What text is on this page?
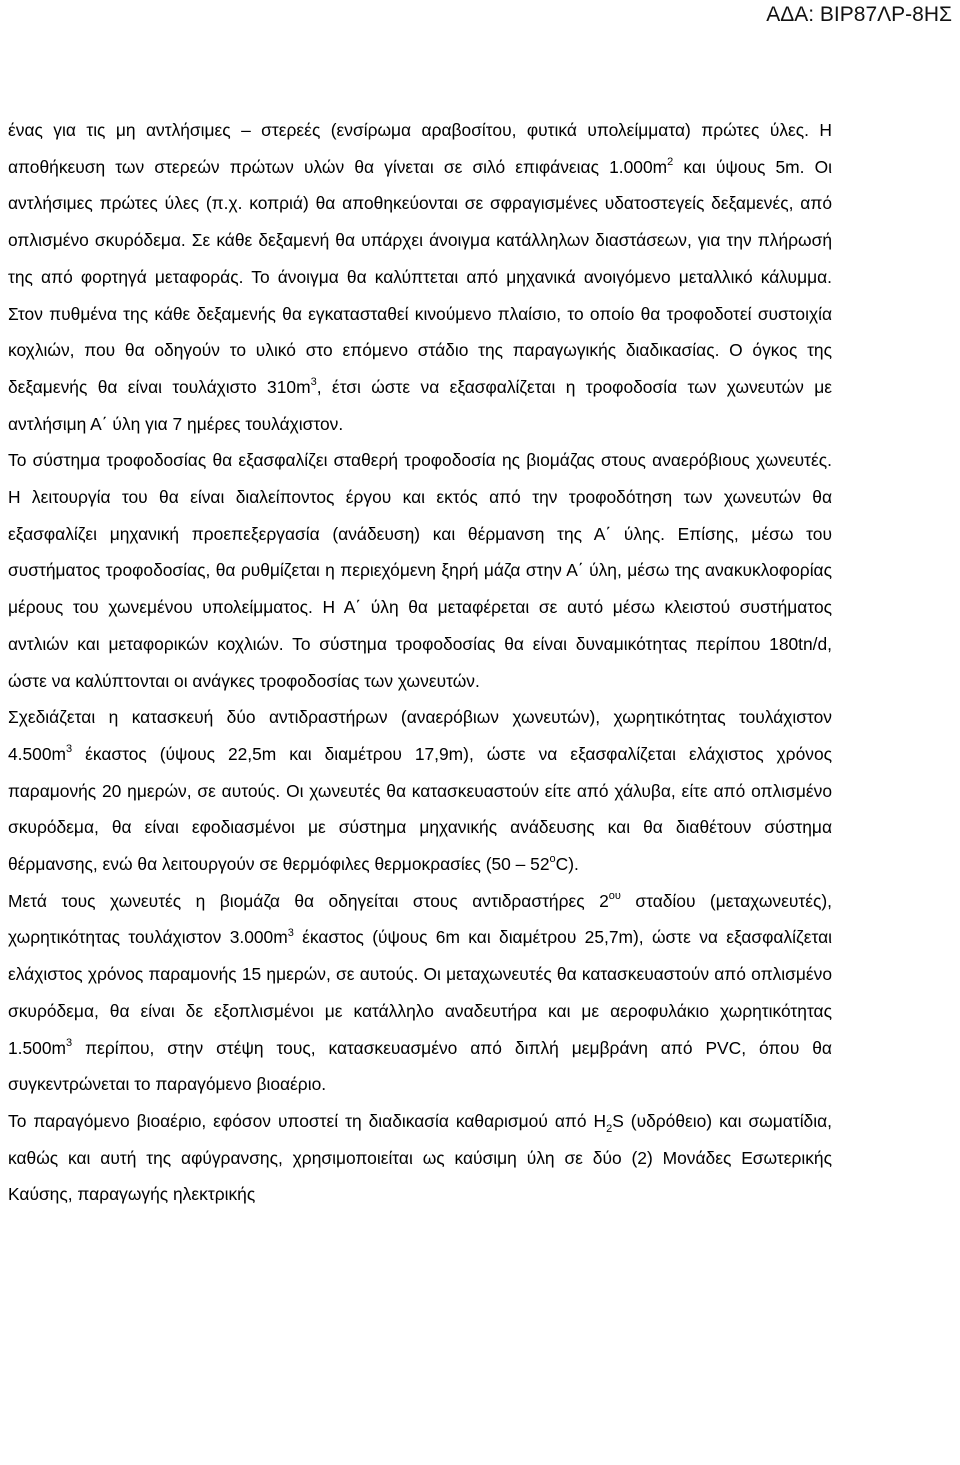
ΑΔΑ: ΒΙΡ87ΛΡ-8ΗΣ

ένας για τις μη αντλήσιμες – στερεές (ενσίρωμα αραβοσίτου, φυτικά υπολείμματα) πρώτες ύλες. Η αποθήκευση των στερεών πρώτων υλών θα γίνεται σε σιλό επιφάνειας $1.000m^2$ και ύψους 5m. Οι αντλήσιμες πρώτες ύλες (π.χ. κοπριά) θα αποθηκεύονται σε σφραγισμένες υδατοστεγείς δεξαμενές, από οπλισμένο σκυρόδεμα. Σε κάθε δεξαμενή θα υπάρχει άνοιγμα κατάλληλων διαστάσεων, για την πλήρωσή της από φορτηγά μεταφοράς. Το άνοιγμα θα καλύπτεται από μηχανικά ανοιγόμενο μεταλλικό κάλυμμα. Στον πυθμένα της κάθε δεξαμενής θα εγκατασταθεί κινούμενο πλαίσιο, το οποίο θα τροφοδοτεί συστοιχία κοχλιών, που θα οδηγούν το υλικό στο επόμενο στάδιο της παραγωγικής διαδικασίας. Ο όγκος της δεξαμενής θα είναι τουλάχιστο $310m^3$, έτσι ώστε να εξασφαλίζεται η τροφοδοσία των χωνευτών με αντλήσιμη Α΄ ύλη για 7 ημέρες τουλάχιστον.

Το σύστημα τροφοδοσίας θα εξασφαλίζει σταθερή τροφοδοσία ης βιομάζας στους αναερόβιους χωνευτές. Η λειτουργία του θα είναι διαλείποντος έργου και εκτός από την τροφοδότηση των χωνευτών θα εξασφαλίζει μηχανική προεπεξεργασία (ανάδευση) και θέρμανση της Α΄ ύλης. Επίσης, μέσω του συστήματος τροφοδοσίας, θα ρυθμίζεται η περιεχόμενη ξηρή μάζα στην Α΄ ύλη, μέσω της ανακυκλοφορίας μέρους του χωνεμένου υπολείμματος. Η Α΄ ύλη θα μεταφέρεται σε αυτό μέσω κλειστού συστήματος αντλιών και μεταφορικών κοχλιών. Το σύστημα τροφοδοσίας θα είναι δυναμικότητας περίπου 180tn/d, ώστε να καλύπτονται οι ανάγκες τροφοδοσίας των χωνευτών.

Σχεδιάζεται η κατασκευή δύο αντιδραστήρων (αναερόβιων χωνευτών), χωρητικότητας τουλάχιστον $4.500m^3$ έκαστος (ύψους 22,5m και διαμέτρου 17,9m), ώστε να εξασφαλίζεται ελάχιστος χρόνος παραμονής 20 ημερών, σε αυτούς. Οι χωνευτές θα κατασκευαστούν είτε από χάλυβα, είτε από οπλισμένο σκυρόδεμα, θα είναι εφοδιασμένοι με σύστημα μηχανικής ανάδευσης και θα διαθέτουν σύστημα θέρμανσης, ενώ θα λειτουργούν σε θερμόφιλες θερμοκρασίες (50 – 52$^o$C).

Μετά τους χωνευτές η βιομάζα θα οδηγείται στους αντιδραστήρες $2^{o\upsilon}$ σταδίου (μεταχωνευτές), χωρητικότητας τουλάχιστον $3.000m^3$ έκαστος (ύψους 6m και διαμέτρου 25,7m), ώστε να εξασφαλίζεται ελάχιστος χρόνος παραμονής 15 ημερών, σε αυτούς. Οι μεταχωνευτές θα κατασκευαστούν από οπλισμένο σκυρόδεμα, θα είναι δε εξοπλισμένοι με κατάλληλο αναδευτήρα και με αεροφυλάκιο χωρητικότητας $1.500m^3$ περίπου, στην στέψη τους, κατασκευασμένο από διπλή μεμβράνη από PVC, όπου θα συγκεντρώνεται το παραγόμενο βιοαέριο.

Το παραγόμενο βιοαέριο, εφόσον υποστεί τη διαδικασία καθαρισμού από $H_2S$ (υδρόθειο) και σωματίδια, καθώς και αυτή της αφύγρανσης, χρησιμοποιείται ως καύσιμη ύλη σε δύο (2) Μονάδες Εσωτερικής Καύσης, παραγωγής ηλεκτρικής
